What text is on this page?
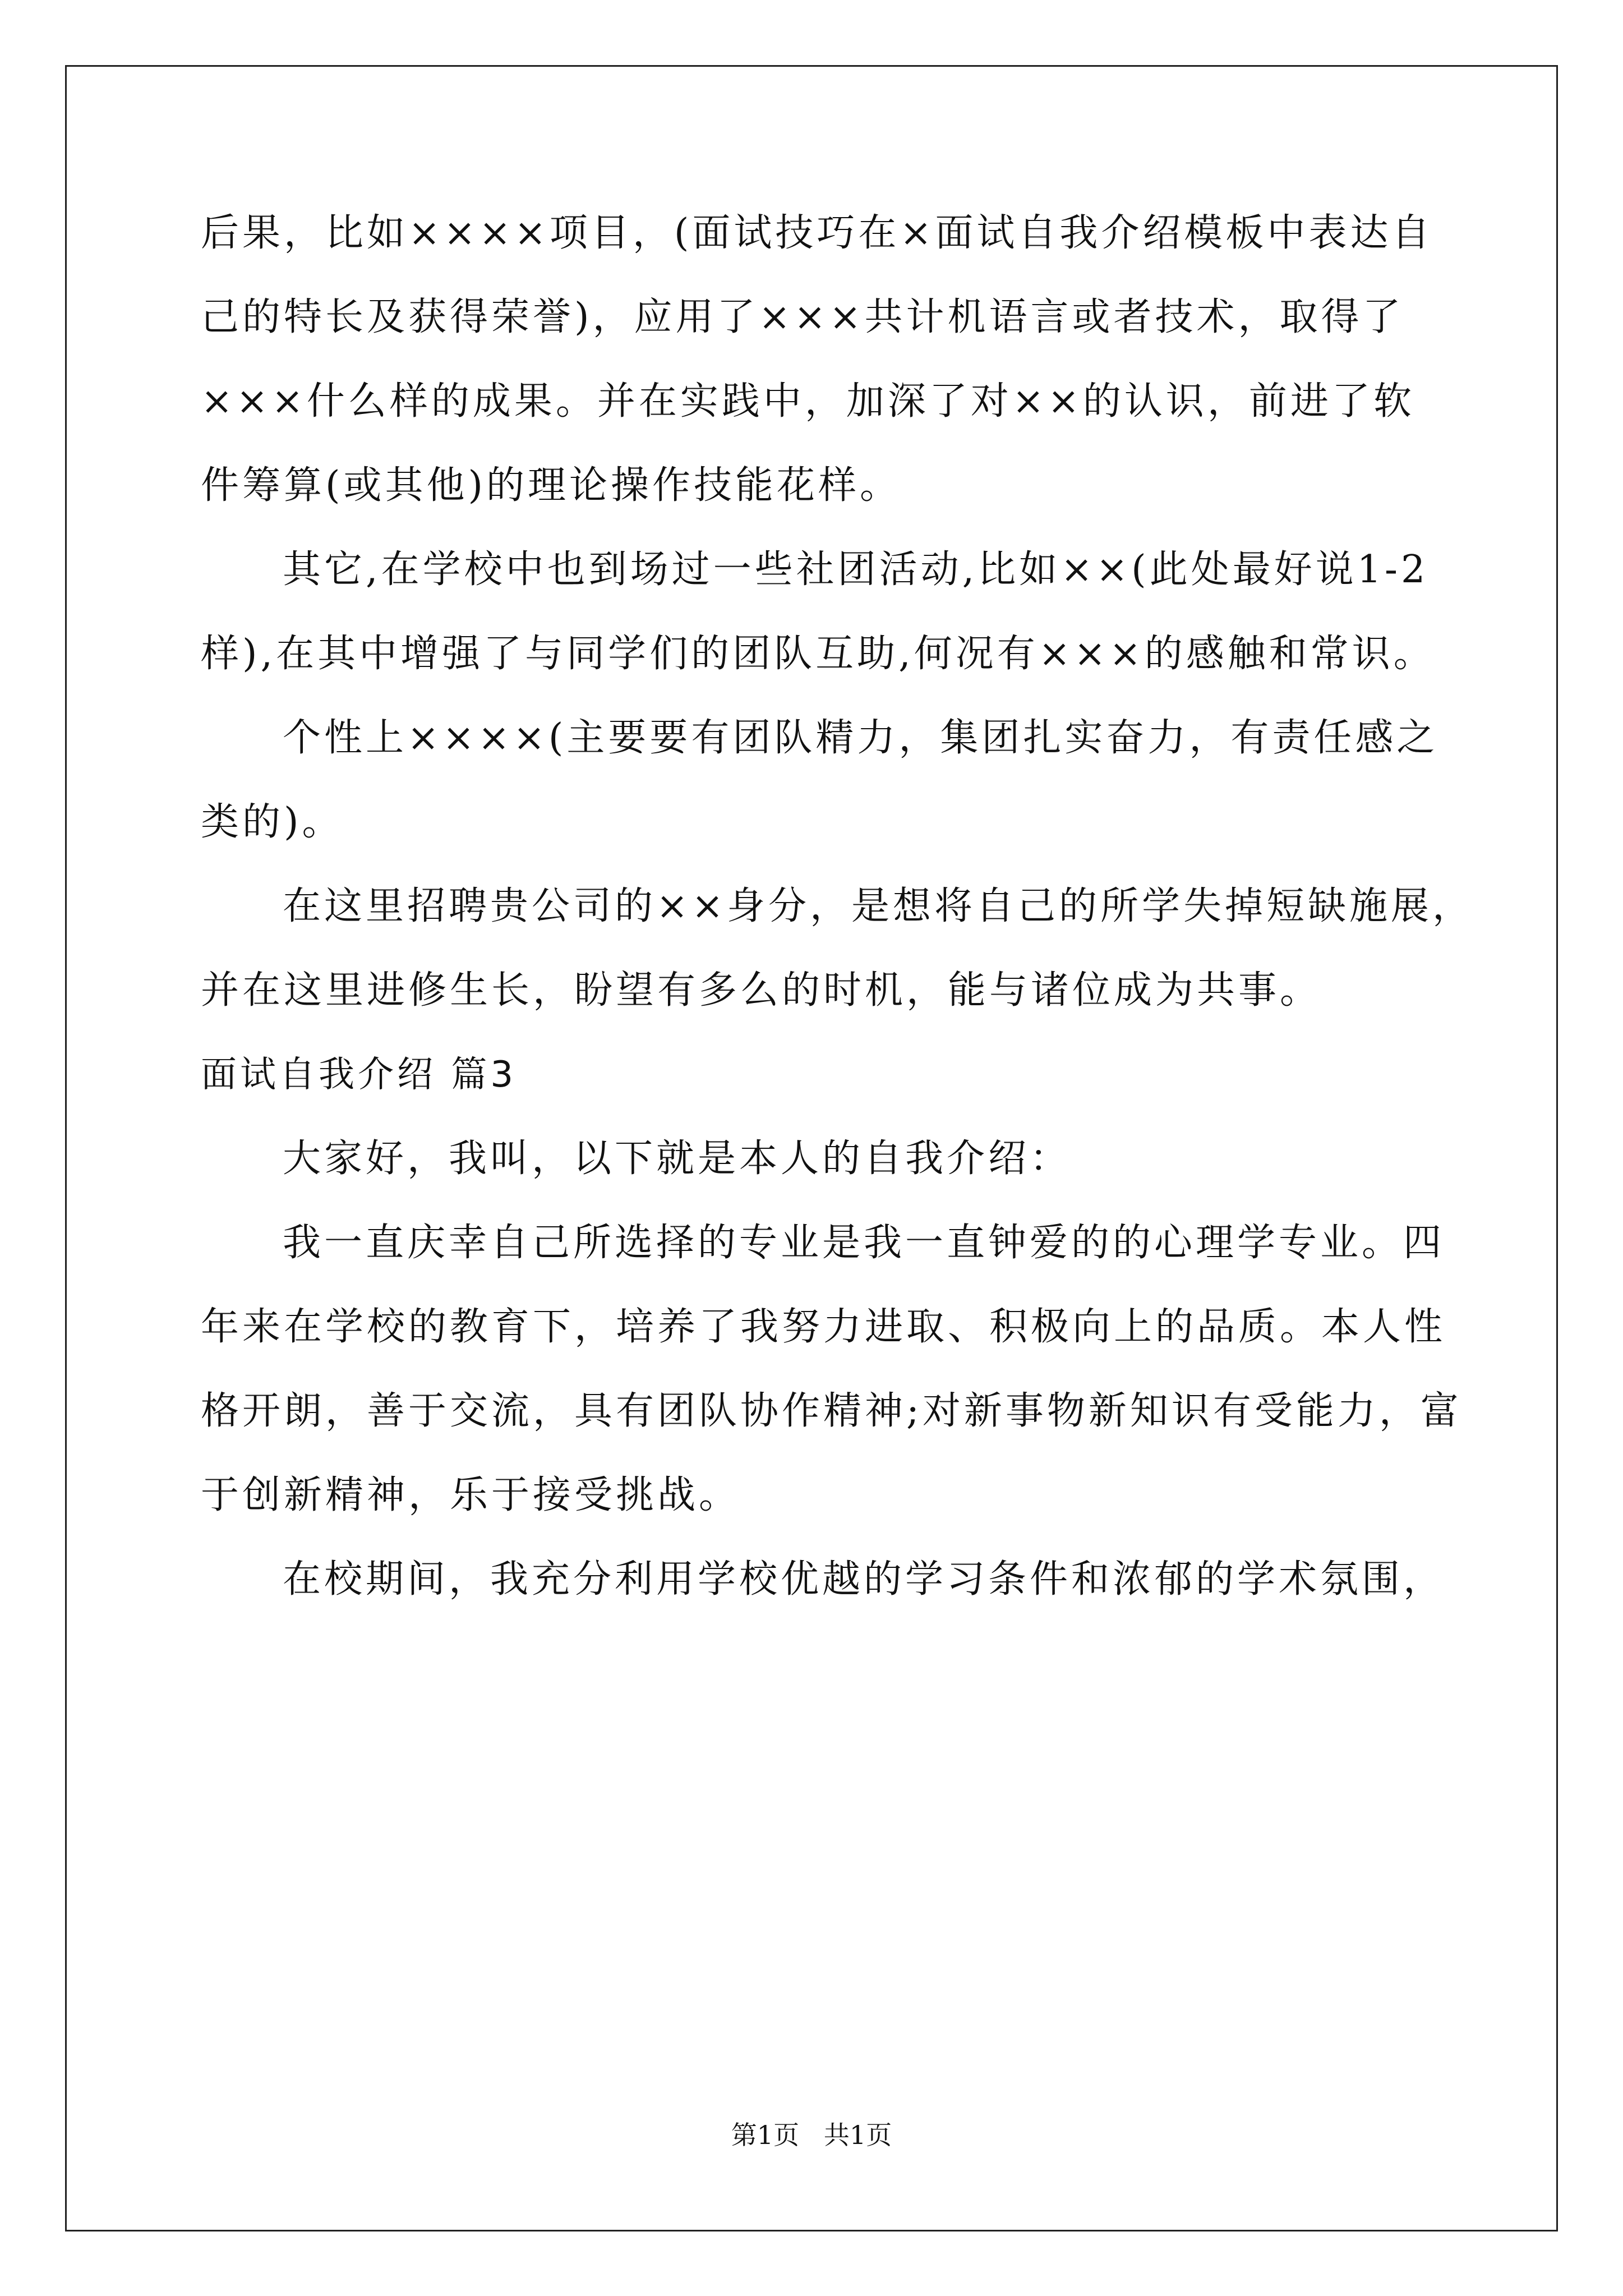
后果，比如××××项目，(面试技巧在×面试自我介绍模板中表达自
己的特长及获得荣誉)，应用了×××共计机语言或者技术，取得了
×××什么样的成果。并在实践中，加深了对××的认识，前进了软
件筹算(或其他)的理论操作技能花样。
其它,在学校中也到场过一些社团活动,比如××(此处最好说1-2
样),在其中增强了与同学们的团队互助,何况有×××的感触和常识。
个性上××××(主要要有团队精力，集团扎实奋力，有责任感之
类的)。
在这里招聘贵公司的××身分，是想将自己的所学失掉短缺施展，
并在这里进修生长，盼望有多么的时机，能与诸位成为共事。
面试自我介绍 篇3
大家好，我叫，以下就是本人的自我介绍：
我一直庆幸自己所选择的专业是我一直钟爱的的心理学专业。四
年来在学校的教育下，培养了我努力进取、积极向上的品质。本人性
格开朗，善于交流，具有团队协作精神;对新事物新知识有受能力，富
于创新精神，乐于接受挑战。
在校期间，我充分利用学校优越的学习条件和浓郁的学术氛围，
第1页   共1页
